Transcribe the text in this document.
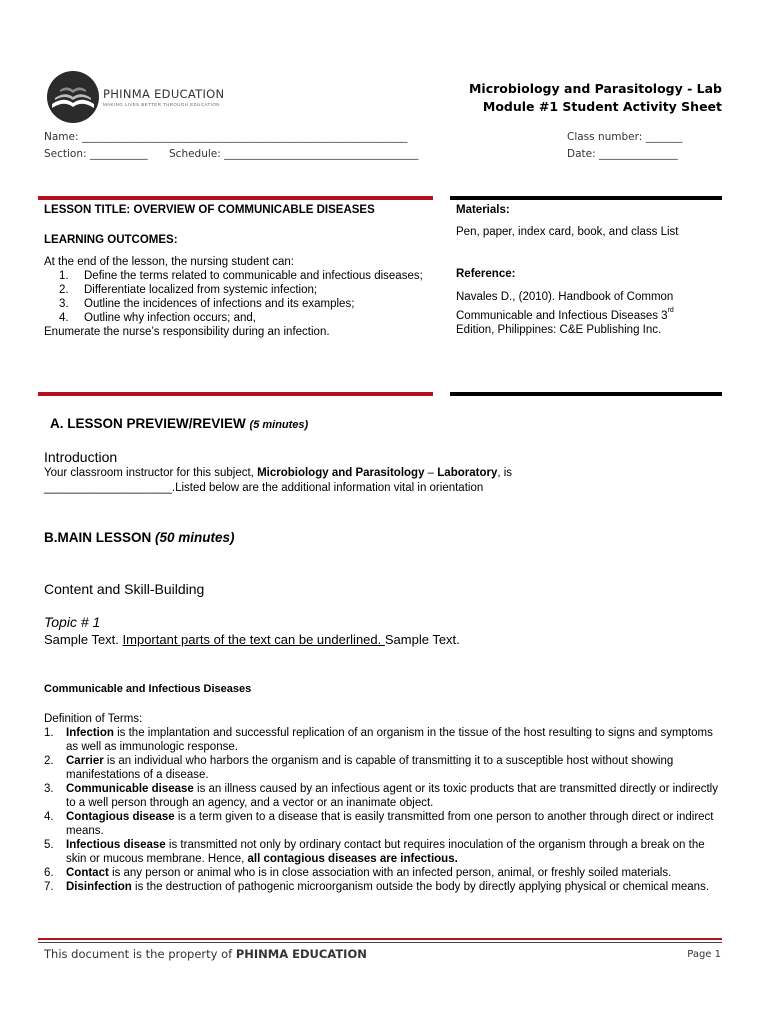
PHINMA EDUCATION
MAKING LIVES BETTER THROUGH EDUCATION
Microbiology and Parasitology - Lab
Module #1 Student Activity Sheet
Name: ______________________________________________________________
Section: ___________ Schedule: _____________________________________
Class number: _______
Date: _______________
LESSON TITLE: OVERVIEW OF COMMUNICABLE DISEASES
LEARNING OUTCOMES:
At the end of the lesson, the nursing student can:
1. Define the terms related to communicable and infectious diseases;
2. Differentiate localized from systemic infection;
3. Outline the incidences of infections and its examples;
4. Outline why infection occurs; and,
Enumerate the nurse’s responsibility during an infection.
Materials:
Pen, paper, index card, book, and class List
Reference:
Navales D., (2010). Handbook of Common
Communicable and Infectious Diseases 3rd
Edition, Philippines: C&E Publishing Inc.
A. LESSON PREVIEW/REVIEW (5 minutes)
Introduction
Your classroom instructor for this subject, Microbiology and Parasitology – Laboratory, is
____________________.Listed below are the additional information vital in orientation
B.MAIN LESSON (50 minutes)
Content and Skill-Building
Topic # 1
Sample Text. Important parts of the text can be underlined. Sample Text.
Communicable and Infectious Diseases
Definition of Terms:
1. Infection is the implantation and successful replication of an organism in the tissue of the host resulting to signs and symptoms as well as immunologic response.
2. Carrier is an individual who harbors the organism and is capable of transmitting it to a susceptible host without showing manifestations of a disease.
3. Communicable disease is an illness caused by an infectious agent or its toxic products that are transmitted directly or indirectly to a well person through an agency, and a vector or an inanimate object.
4. Contagious disease is a term given to a disease that is easily transmitted from one person to another through direct or indirect means.
5. Infectious disease is transmitted not only by ordinary contact but requires inoculation of the organism through a break on the skin or mucous membrane. Hence, all contagious diseases are infectious.
6. Contact is any person or animal who is in close association with an infected person, animal, or freshly soiled materials.
7. Disinfection is the destruction of pathogenic microorganism outside the body by directly applying physical or chemical means.
This document is the property of PHINMA EDUCATION	Page 1
